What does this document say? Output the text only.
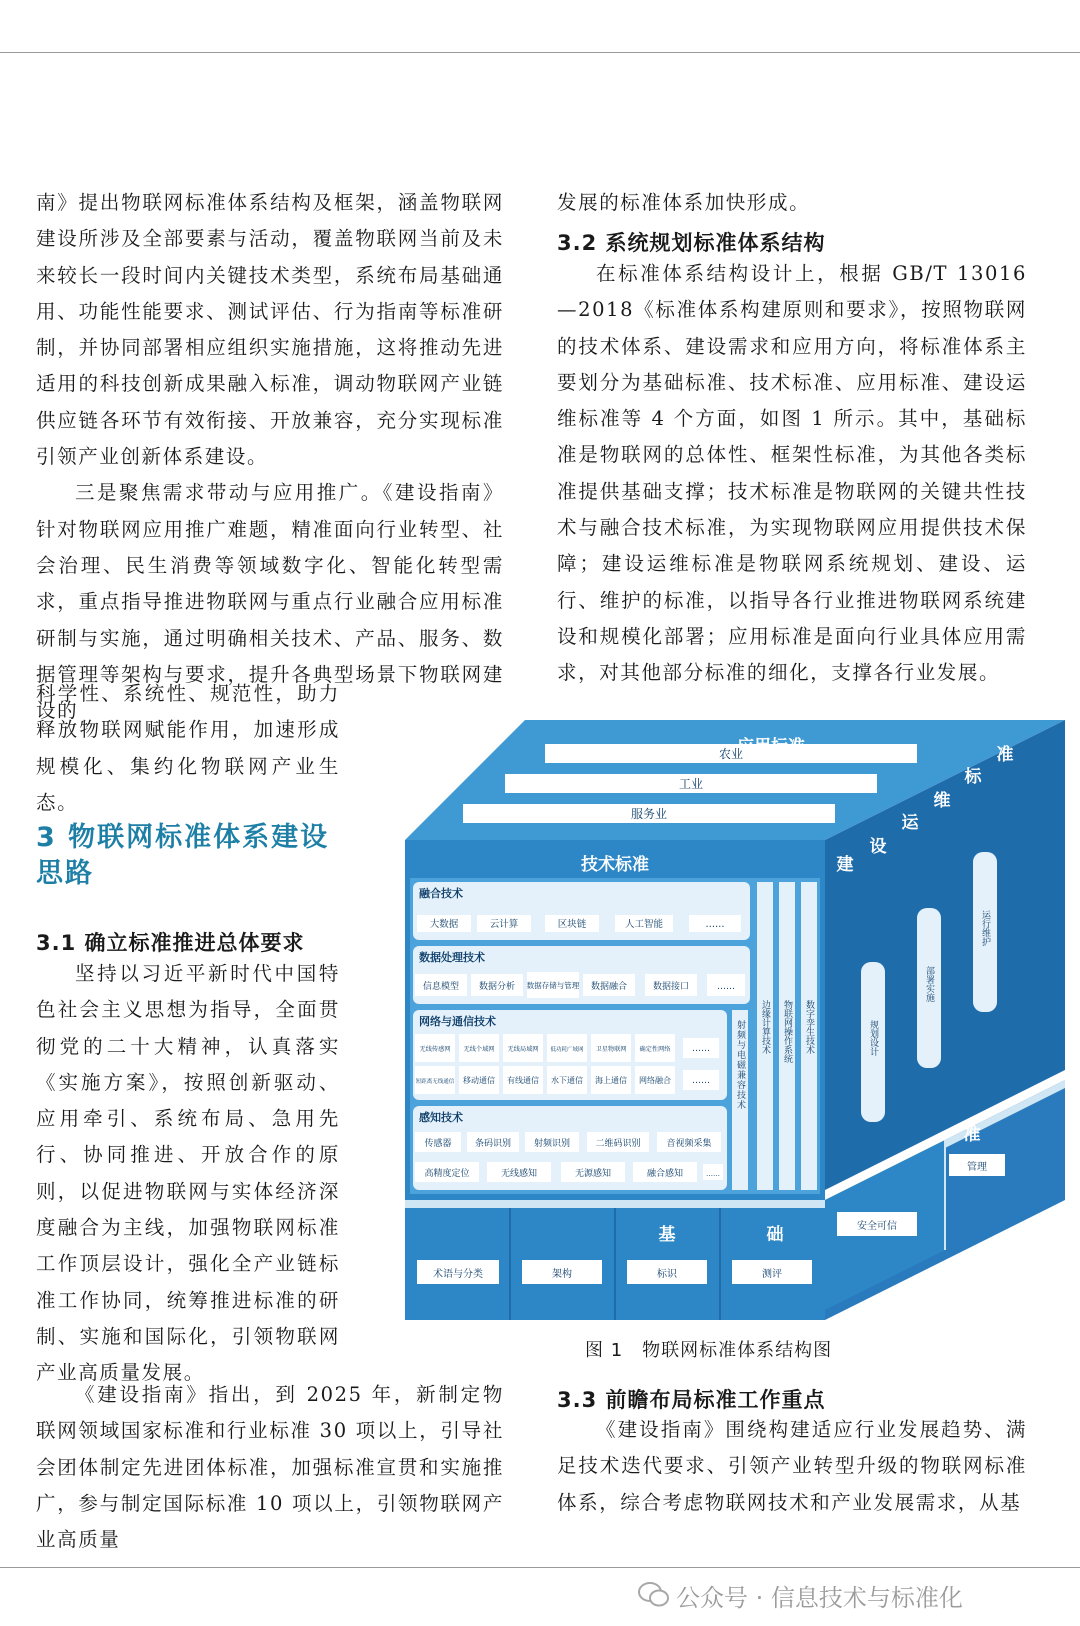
南》提出物联网标准体系结构及框架，涵盖物联网建设所涉及全部要素与活动，覆盖物联网当前及未来较长一段时间内关键技术类型，系统布局基础通用、功能性能要求、测试评估、行为指南等标准研制，并协同部署相应组织实施措施，这将推动先进适用的科技创新成果融入标准，调动物联网产业链供应链各环节有效衔接、开放兼容，充分实现标准引领产业创新体系建设。

三是聚焦需求带动与应用推广。《建设指南》针对物联网应用推广难题，精准面向行业转型、社会治理、民生消费等领域数字化、智能化转型需求，重点指导推进物联网与重点行业融合应用标准研制与实施，通过明确相关技术、产品、服务、数据管理等架构与要求，提升各典型场景下物联网建设的

科学性、系统性、规范性，助力释放物联网赋能作用，加速形成规模化、集约化物联网产业生态。

3 物联网标准体系建设思路
3.1 确立标准推进总体要求

坚持以习近平新时代中国特色社会主义思想为指导，全面贯彻党的二十大精神，认真落实《实施方案》，按照创新驱动、应用牵引、系统布局、急用先行、协同推进、开放合作的原则，以促进物联网与实体经济深度融合为主线，加强物联网标准工作顶层设计，强化全产业链标准工作协同，统筹推进标准的研制、实施和国际化，引领物联网产业高质量发展。

《建设指南》指出，到 2025 年，新制定物联网领域国家标准和行业标准 30 项以上，引导社会团体制定先进团体标准，加强标准宣贯和实施推广，参与制定国际标准 10 项以上，引领物联网产业高质量

发展的标准体系加快形成。

3.2 系统规划标准体系结构

在标准体系结构设计上，根据 GB/T 13016—2018《标准体系构建原则和要求》，按照物联网的技术体系、建设需求和应用方向，将标准体系主要划分为基础标准、技术标准、应用标准、建设运维标准等 4 个方面，如图 1 所示。其中，基础标准是物联网的总体性、框架性标准，为其他各类标准提供基础支撑；技术标准是物联网的关键共性技术与融合技术标准，为实现物联网应用提供技术保障；建设运维标准是物联网系统规划、建设、运行、维护的标准，以指导各行业推进物联网系统建设和规模化部署；应用标准是面向行业具体应用需求，对其他部分标准的细化，支撑各行业发展。

农业
工业
服务业
技术标准
融合技术
大数据	云计算	区块链	人工智能	……
数据处理技术
信息模型 数据分析 数据存储与管理 数据融合	数据接口	……
网络与通信技术
无线传感网 无线个域网 无线局域网 低功耗广域网 卫星物联网 确定性网络 ……
短距离无线通信 移动通信 有线通信 水下通信 海上通信 网络融合 ……
感知技术
传感器	条码识别	射频识别	二维码识别	音视频采集
高精度定位	无线感知	无源感知	融合感知	……
射频与电磁兼容技术 边缘计算技术 物联网操作系统 数字孪生技术
建
设
运
维
标
准
规划设计
部署实施
运行维护
基	础
准
术语与分类	架构	标识	测评
安全可信
管理
图 1　物联网标准体系结构图
3.3 前瞻布局标准工作重点

《建设指南》围绕构建适应行业发展趋势、满足技术迭代要求、引领产业转型升级的物联网标准体系，综合考虑物联网技术和产业发展需求，从基

公众号 · 信息技术与标准化
